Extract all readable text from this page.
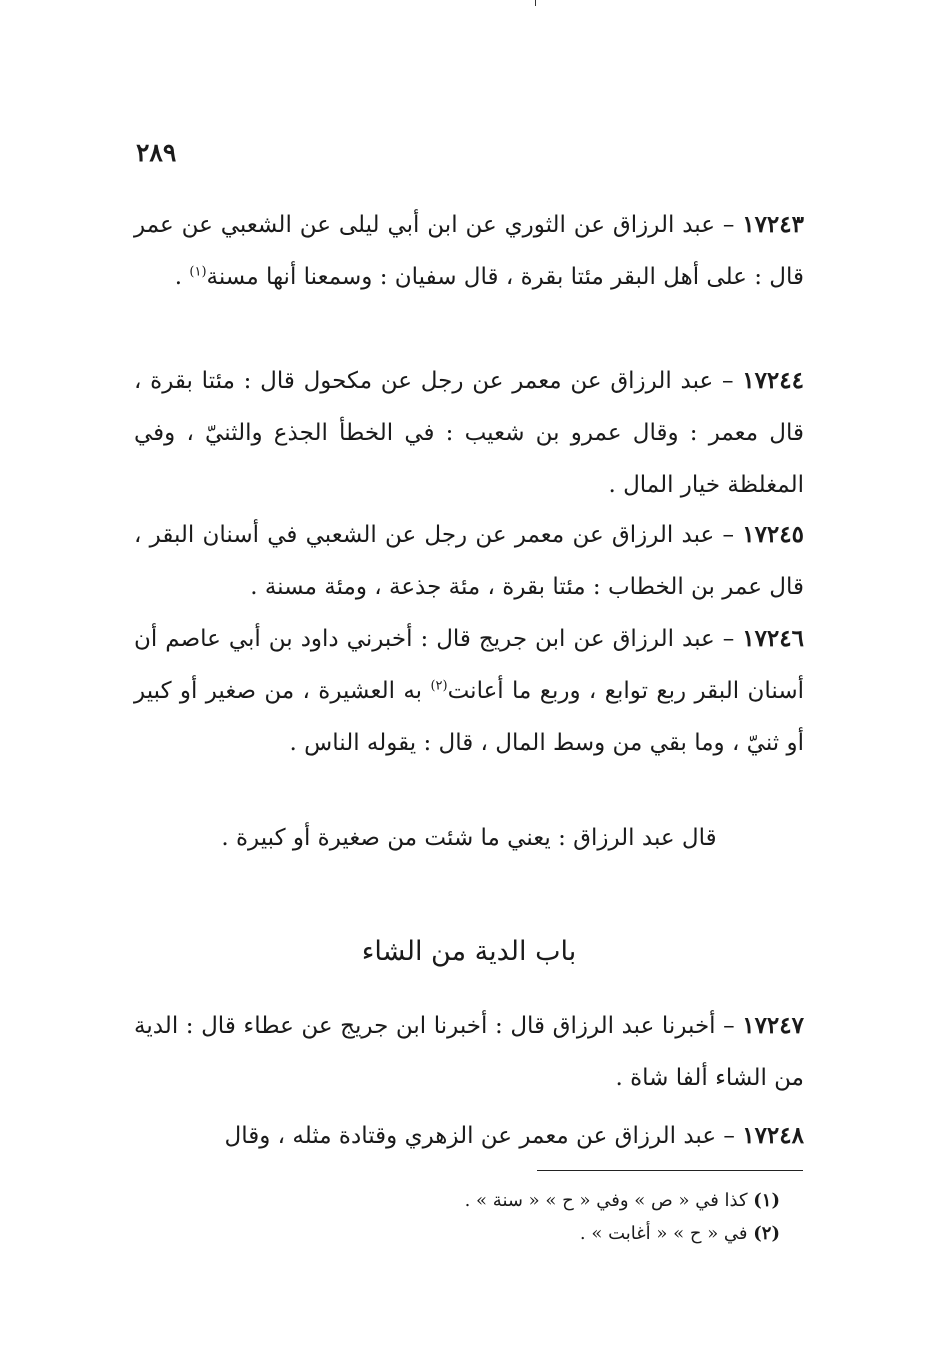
٢٨٩
١٧٢٤٣ – عبد الرزاق عن الثوري عن ابن أبي ليلى عن الشعبي عن عمر قال : على أهل البقر مئتا بقرة ، قال سفيان : وسمعنا أنها مسنة$^{(١)}$ .
١٧٢٤٤ – عبد الرزاق عن معمر عن رجل عن مكحول قال : مئتا بقرة ، قال معمر : وقال عمرو بن شعيب : في الخطأ الجذع والثنيّ ، وفي المغلظة خيار المال .
١٧٢٤٥ – عبد الرزاق عن معمر عن رجل عن الشعبي في أسنان البقر ، قال عمر بن الخطاب : مئتا بقرة ، مئة جذعة ، ومئة مسنة .
١٧٢٤٦ – عبد الرزاق عن ابن جريج قال : أخبرني داود بن أبي عاصم أن أسنان البقر ربع توابع ، وربع ما أعانت$^{(٢)}$ به العشيرة ، من صغير أو كبير أو ثنيّ ، وما بقي من وسط المال ، قال : يقوله الناس .
قال عبد الرزاق : يعني ما شئت من صغيرة أو كبيرة .
باب الدية من الشاء
١٧٢٤٧ – أخبرنا عبد الرزاق قال : أخبرنا ابن جريج عن عطاء قال : الدية من الشاء ألفا شاة .
١٧٢٤٨ – عبد الرزاق عن معمر عن الزهري وقتادة مثله ، وقال
(١) كذا في « ص » وفي « ح » « سنة » .
(٢) في « ح » « أغابت » .
